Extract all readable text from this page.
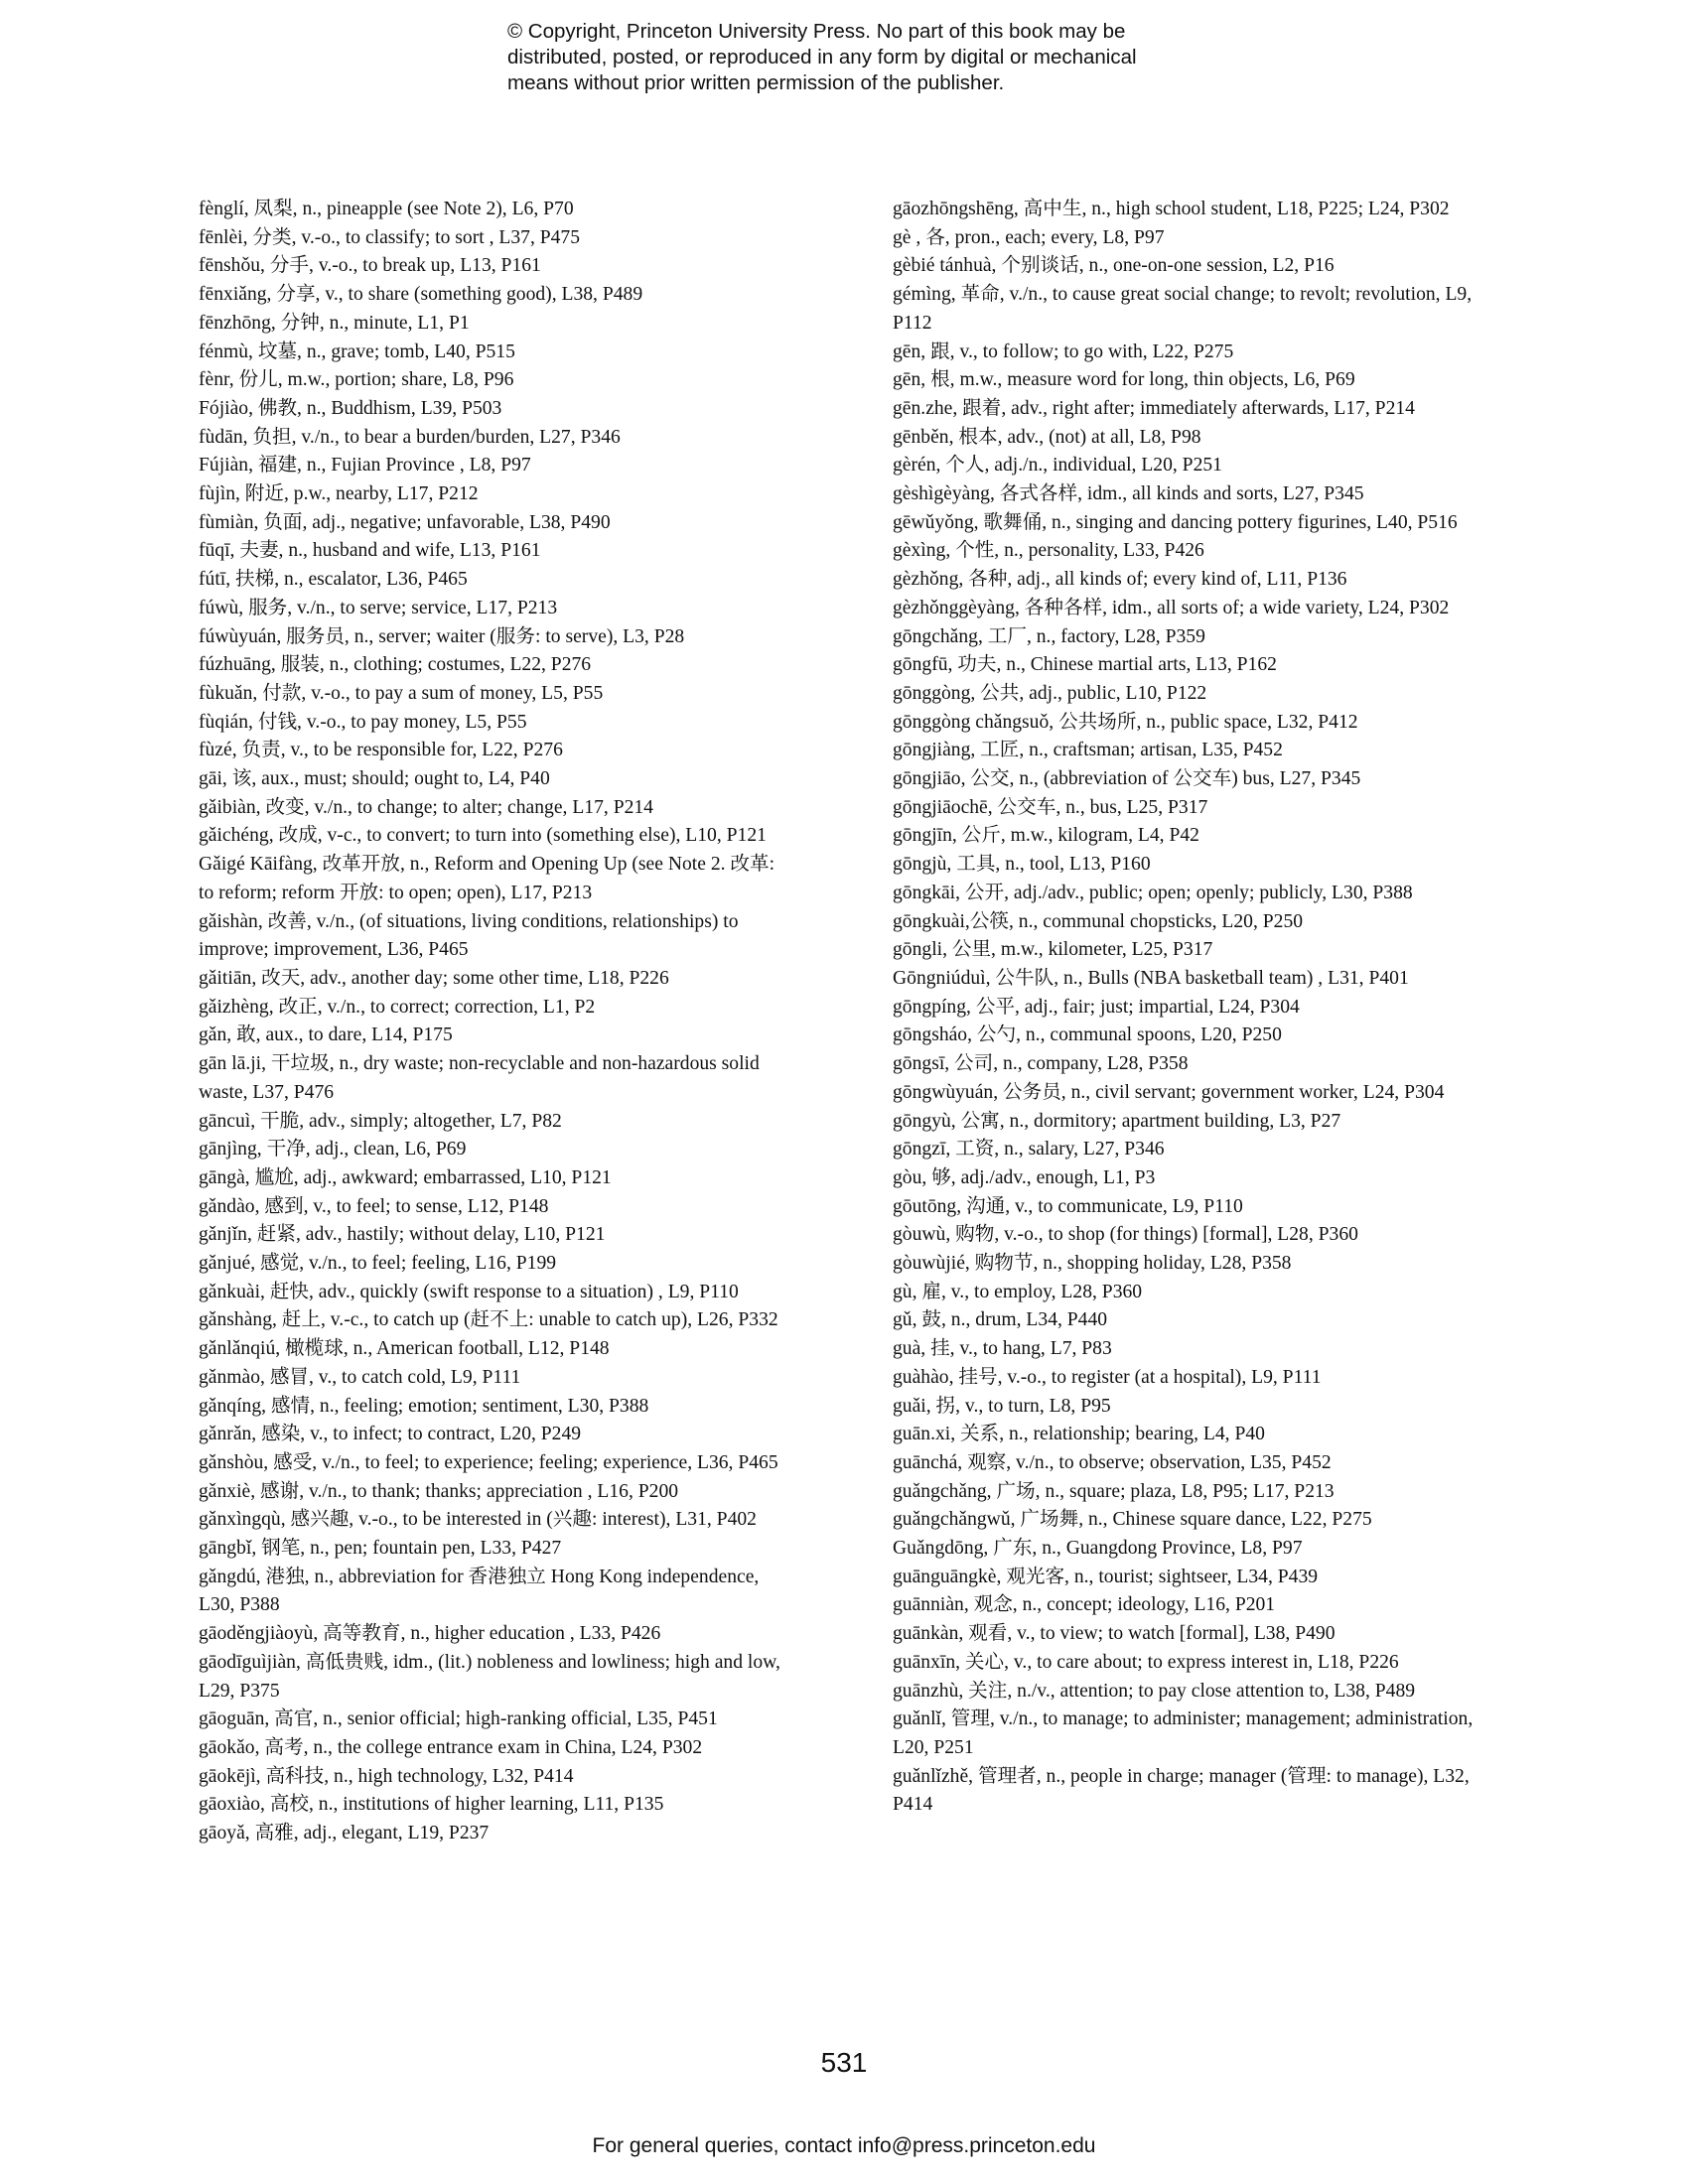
© Copyright, Princeton University Press. No part of this book may be
distributed, posted, or reproduced in any form by digital or mechanical
means without prior written permission of the publisher.

fènglí, 凤梨, n., pineapple (see Note 2), L6, P70

fēnlèi, 分类, v.-o., to classify; to sort , L37, P475

fēnshǒu, 分手, v.-o., to break up, L13, P161

fēnxiǎng, 分享, v., to share (something good), L38, P489

fēnzhōng, 分钟, n., minute, L1, P1

fénmù, 坟墓, n., grave; tomb, L40, P515

fènr, 份儿, m.w., portion; share, L8, P96

Fójiào, 佛教, n., Buddhism, L39, P503

fùdān, 负担, v./n., to bear a burden/burden, L27, P346

Fújiàn, 福建, n., Fujian Province , L8, P97

fùjìn, 附近, p.w., nearby, L17, P212

fùmiàn, 负面, adj., negative; unfavorable, L38, P490

fūqī, 夫妻, n., husband and wife, L13, P161

fútī, 扶梯, n., escalator, L36, P465

fúwù, 服务, v./n., to serve; service, L17, P213

fúwùyuán, 服务员, n., server; waiter (服务: to serve), L3, P28

fúzhuāng, 服装, n., clothing; costumes, L22, P276

fùkuǎn, 付款, v.-o., to pay a sum of money, L5, P55

fùqián, 付钱, v.-o., to pay money, L5, P55

fùzé, 负责, v., to be responsible for, L22, P276

gāi, 该, aux., must; should; ought to, L4, P40

gǎibiàn, 改变, v./n., to change; to alter; change, L17, P214

gǎichéng, 改成, v-c., to convert; to turn into (something else), L10, P121

Gǎigé Kāifàng, 改革开放, n., Reform and Opening Up (see Note 2. 改革: to reform; reform 开放: to open; open), L17, P213

gǎishàn, 改善, v./n., (of situations, living conditions, relationships) to improve; improvement, L36, P465

gǎitiān, 改天, adv., another day; some other time, L18, P226

gǎizhèng, 改正, v./n., to correct; correction, L1, P2

gǎn, 敢, aux., to dare, L14, P175

gān lā.ji, 干垃圾, n., dry waste; non-recyclable and non-hazardous solid waste, L37, P476

gāncuì, 干脆, adv., simply; altogether, L7, P82

gānjìng, 干净, adj., clean, L6, P69

gāngà, 尴尬, adj., awkward; embarrassed, L10, P121

gǎndào, 感到, v., to feel; to sense, L12, P148

gǎnjǐn, 赶紧, adv., hastily; without delay, L10, P121

gǎnjué, 感觉, v./n., to feel; feeling, L16, P199

gǎnkuài, 赶快, adv., quickly (swift response to a situation) , L9, P110

gǎnshàng, 赶上, v.-c., to catch up (赶不上: unable to catch up), L26, P332

gǎnlǎnqiú, 橄榄球, n., American football, L12, P148

gǎnmào, 感冒, v., to catch cold, L9, P111

gǎnqíng, 感情, n., feeling; emotion; sentiment, L30, P388

gǎnrǎn, 感染, v., to infect; to contract, L20, P249

gǎnshòu, 感受, v./n., to feel; to experience; feeling; experience, L36, P465

gǎnxiè, 感谢, v./n., to thank; thanks; appreciation , L16, P200

gǎnxìngqù, 感兴趣, v.-o., to be interested in (兴趣: interest), L31, P402

gāngbǐ, 钢笔, n., pen; fountain pen, L33, P427

gǎngdú, 港独, n., abbreviation for 香港独立 Hong Kong independence, L30, P388

gāoděngjiàoyù, 高等教育, n., higher education , L33, P426

gāodīguìjiàn, 高低贵贱, idm., (lit.) nobleness and lowliness; high and low, L29, P375

gāoguān, 高官, n., senior official; high-ranking official, L35, P451

gāokǎo, 高考, n., the college entrance exam in China, L24, P302

gāokējì, 高科技, n., high technology, L32, P414

gāoxiào, 高校, n., institutions of higher learning, L11, P135

gāoyǎ, 高雅, adj., elegant, L19, P237

gāozhōngshēng, 高中生, n., high school student, L18, P225; L24, P302

gè , 各, pron., each; every, L8, P97

gèbié tánhuà, 个别谈话, n., one-on-one session, L2, P16

gémìng, 革命, v./n., to cause great social change; to revolt; revolution, L9, P112

gēn, 跟, v., to follow; to go with, L22, P275

gēn, 根, m.w., measure word for long, thin objects, L6, P69

gēn.zhe, 跟着, adv., right after; immediately afterwards, L17, P214

gēnběn, 根本, adv., (not) at all, L8, P98

gèrén, 个人, adj./n., individual, L20, P251

gèshìgèyàng, 各式各样, idm., all kinds and sorts, L27, P345

gēwǔyǒng, 歌舞俑, n., singing and dancing pottery figurines, L40, P516

gèxìng, 个性, n., personality, L33, P426

gèzhǒng, 各种, adj., all kinds of; every kind of, L11, P136

gèzhǒnggèyàng, 各种各样, idm., all sorts of; a wide variety, L24, P302

gōngchǎng, 工厂, n., factory, L28, P359

gōngfū, 功夫, n., Chinese martial arts, L13, P162

gōnggòng, 公共, adj., public, L10, P122

gōnggòng chǎngsuǒ, 公共场所, n., public space, L32, P412

gōngjiàng, 工匠, n., craftsman; artisan, L35, P452

gōngjiāo, 公交, n., (abbreviation of 公交车) bus, L27, P345

gōngjiāochē, 公交车, n., bus, L25, P317

gōngjīn, 公斤, m.w., kilogram, L4, P42

gōngjù, 工具, n., tool, L13, P160

gōngkāi, 公开, adj./adv., public; open; openly; publicly, L30, P388

gōngkuài,公筷, n., communal chopsticks, L20, P250

gōngli, 公里, m.w., kilometer, L25, P317

Gōngniúduì, 公牛队, n., Bulls (NBA basketball team) , L31, P401

gōngpíng, 公平, adj., fair; just; impartial, L24, P304

gōngsháo, 公勺, n., communal spoons, L20, P250

gōngsī, 公司, n., company, L28, P358

gōngwùyuán, 公务员, n., civil servant; government worker, L24, P304

gōngyù, 公寓, n., dormitory; apartment building, L3, P27

gōngzī, 工资, n., salary, L27, P346

gòu, 够, adj./adv., enough, L1, P3

gōutōng, 沟通, v., to communicate, L9, P110

gòuwù, 购物, v.-o., to shop (for things) [formal], L28, P360

gòuwùjié, 购物节, n., shopping holiday, L28, P358

gù, 雇, v., to employ, L28, P360

gǔ, 鼓, n., drum, L34, P440

guà, 挂, v., to hang, L7, P83

guàhào, 挂号, v.-o., to register (at a hospital), L9, P111

guǎi, 拐, v., to turn, L8, P95

guān.xi, 关系, n., relationship; bearing, L4, P40

guānchá, 观察, v./n., to observe; observation, L35, P452

guǎngchǎng, 广场, n., square; plaza, L8, P95; L17, P213

guǎngchǎngwǔ, 广场舞, n., Chinese square dance, L22, P275

Guǎngdōng, 广东, n., Guangdong Province, L8, P97

guānguāngkè, 观光客, n., tourist; sightseer, L34, P439

guānniàn, 观念, n., concept; ideology, L16, P201

guānkàn, 观看, v., to view; to watch [formal], L38, P490

guānxīn, 关心, v., to care about; to express interest in, L18, P226

guānzhù, 关注, n./v., attention; to pay close attention to, L38, P489

guǎnlǐ, 管理, v./n., to manage; to administer; management; administration, L20, P251

guǎnlǐzhě, 管理者, n., people in charge; manager (管理: to manage), L32, P414

531
For general queries, contact info@press.princeton.edu
